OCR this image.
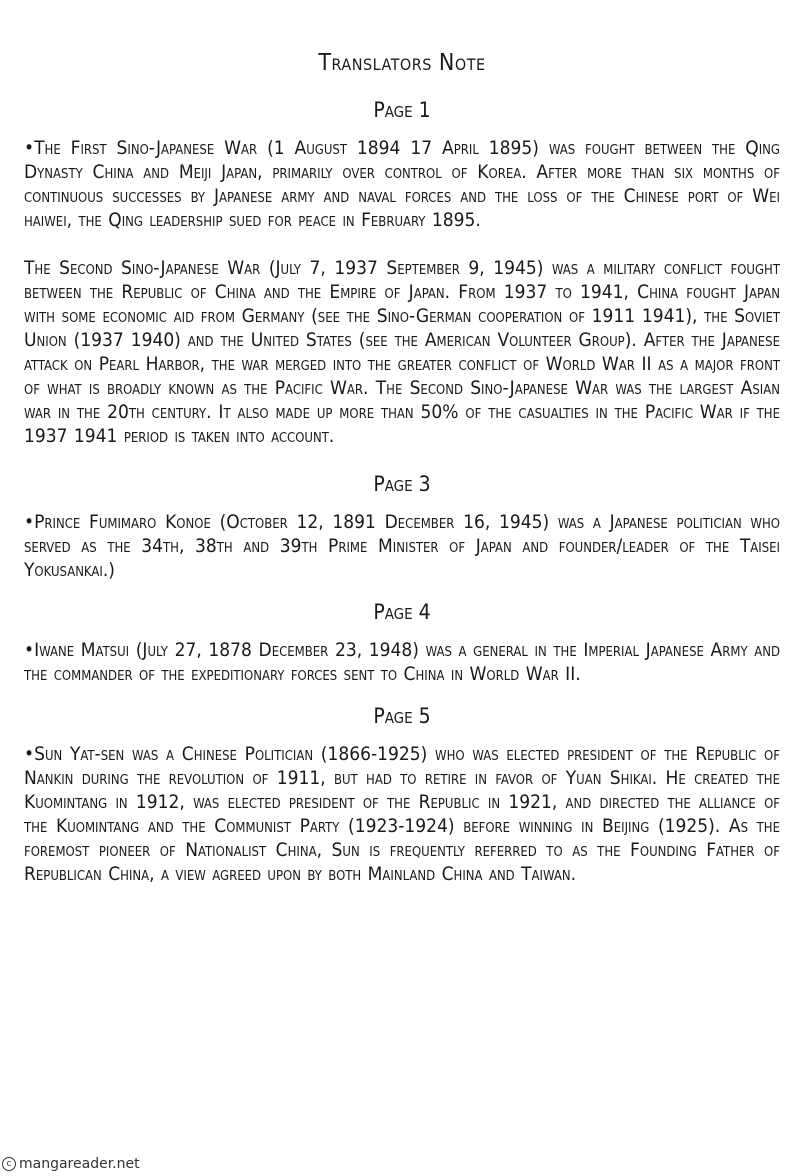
Translators Note
Page 1

•The First Sino-Japanese War (1 August 1894 17 April 1895) was fought between the Qing Dynasty China and Meiji Japan, primarily over control of Korea. After more than six months of continuous successes by Japanese army and naval forces and the loss of the Chinese port of Wei haiwei, the Qing leadership sued for peace in February 1895.

The Second Sino-Japanese War (July 7, 1937 September 9, 1945) was a military conflict fought between the Republic of China and the Empire of Japan. From 1937 to 1941, China fought Japan with some economic aid from Germany (see the Sino-German cooperation of 1911 1941), the Soviet Union (1937 1940) and the United States (see the American Volunteer Group). After the Japanese attack on Pearl Harbor, the war merged into the greater conflict of World War II as a major front of what is broadly known as the Pacific War. The Second Sino-Japanese War was the largest Asian war in the 20th century. It also made up more than 50% of the casualties in the Pacific War if the 1937 1941 period is taken into account.

Page 3

•Prince Fumimaro Konoe (October 12, 1891 December 16, 1945) was a Japanese politician who served as the 34th, 38th and 39th Prime Minister of Japan and founder/leader of the Taisei Yokusankai.)

Page 4

•Iwane Matsui (July 27, 1878 December 23, 1948) was a general in the Imperial Japanese Army and the commander of the expeditionary forces sent to China in World War II.

Page 5

•Sun Yat-sen was a Chinese Politician (1866-1925) who was elected president of the Republic of Nankin during the revolution of 1911, but had to retire in favor of Yuan Shikai. He created the Kuomintang in 1912, was elected president of the Republic in 1921, and directed the alliance of the Kuomintang and the Communist Party (1923-1924) before winning in Beijing (1925). As the foremost pioneer of Nationalist China, Sun is frequently referred to as the Founding Father of Republican China, a view agreed upon by both Mainland China and Taiwan.

c mangareader.net
